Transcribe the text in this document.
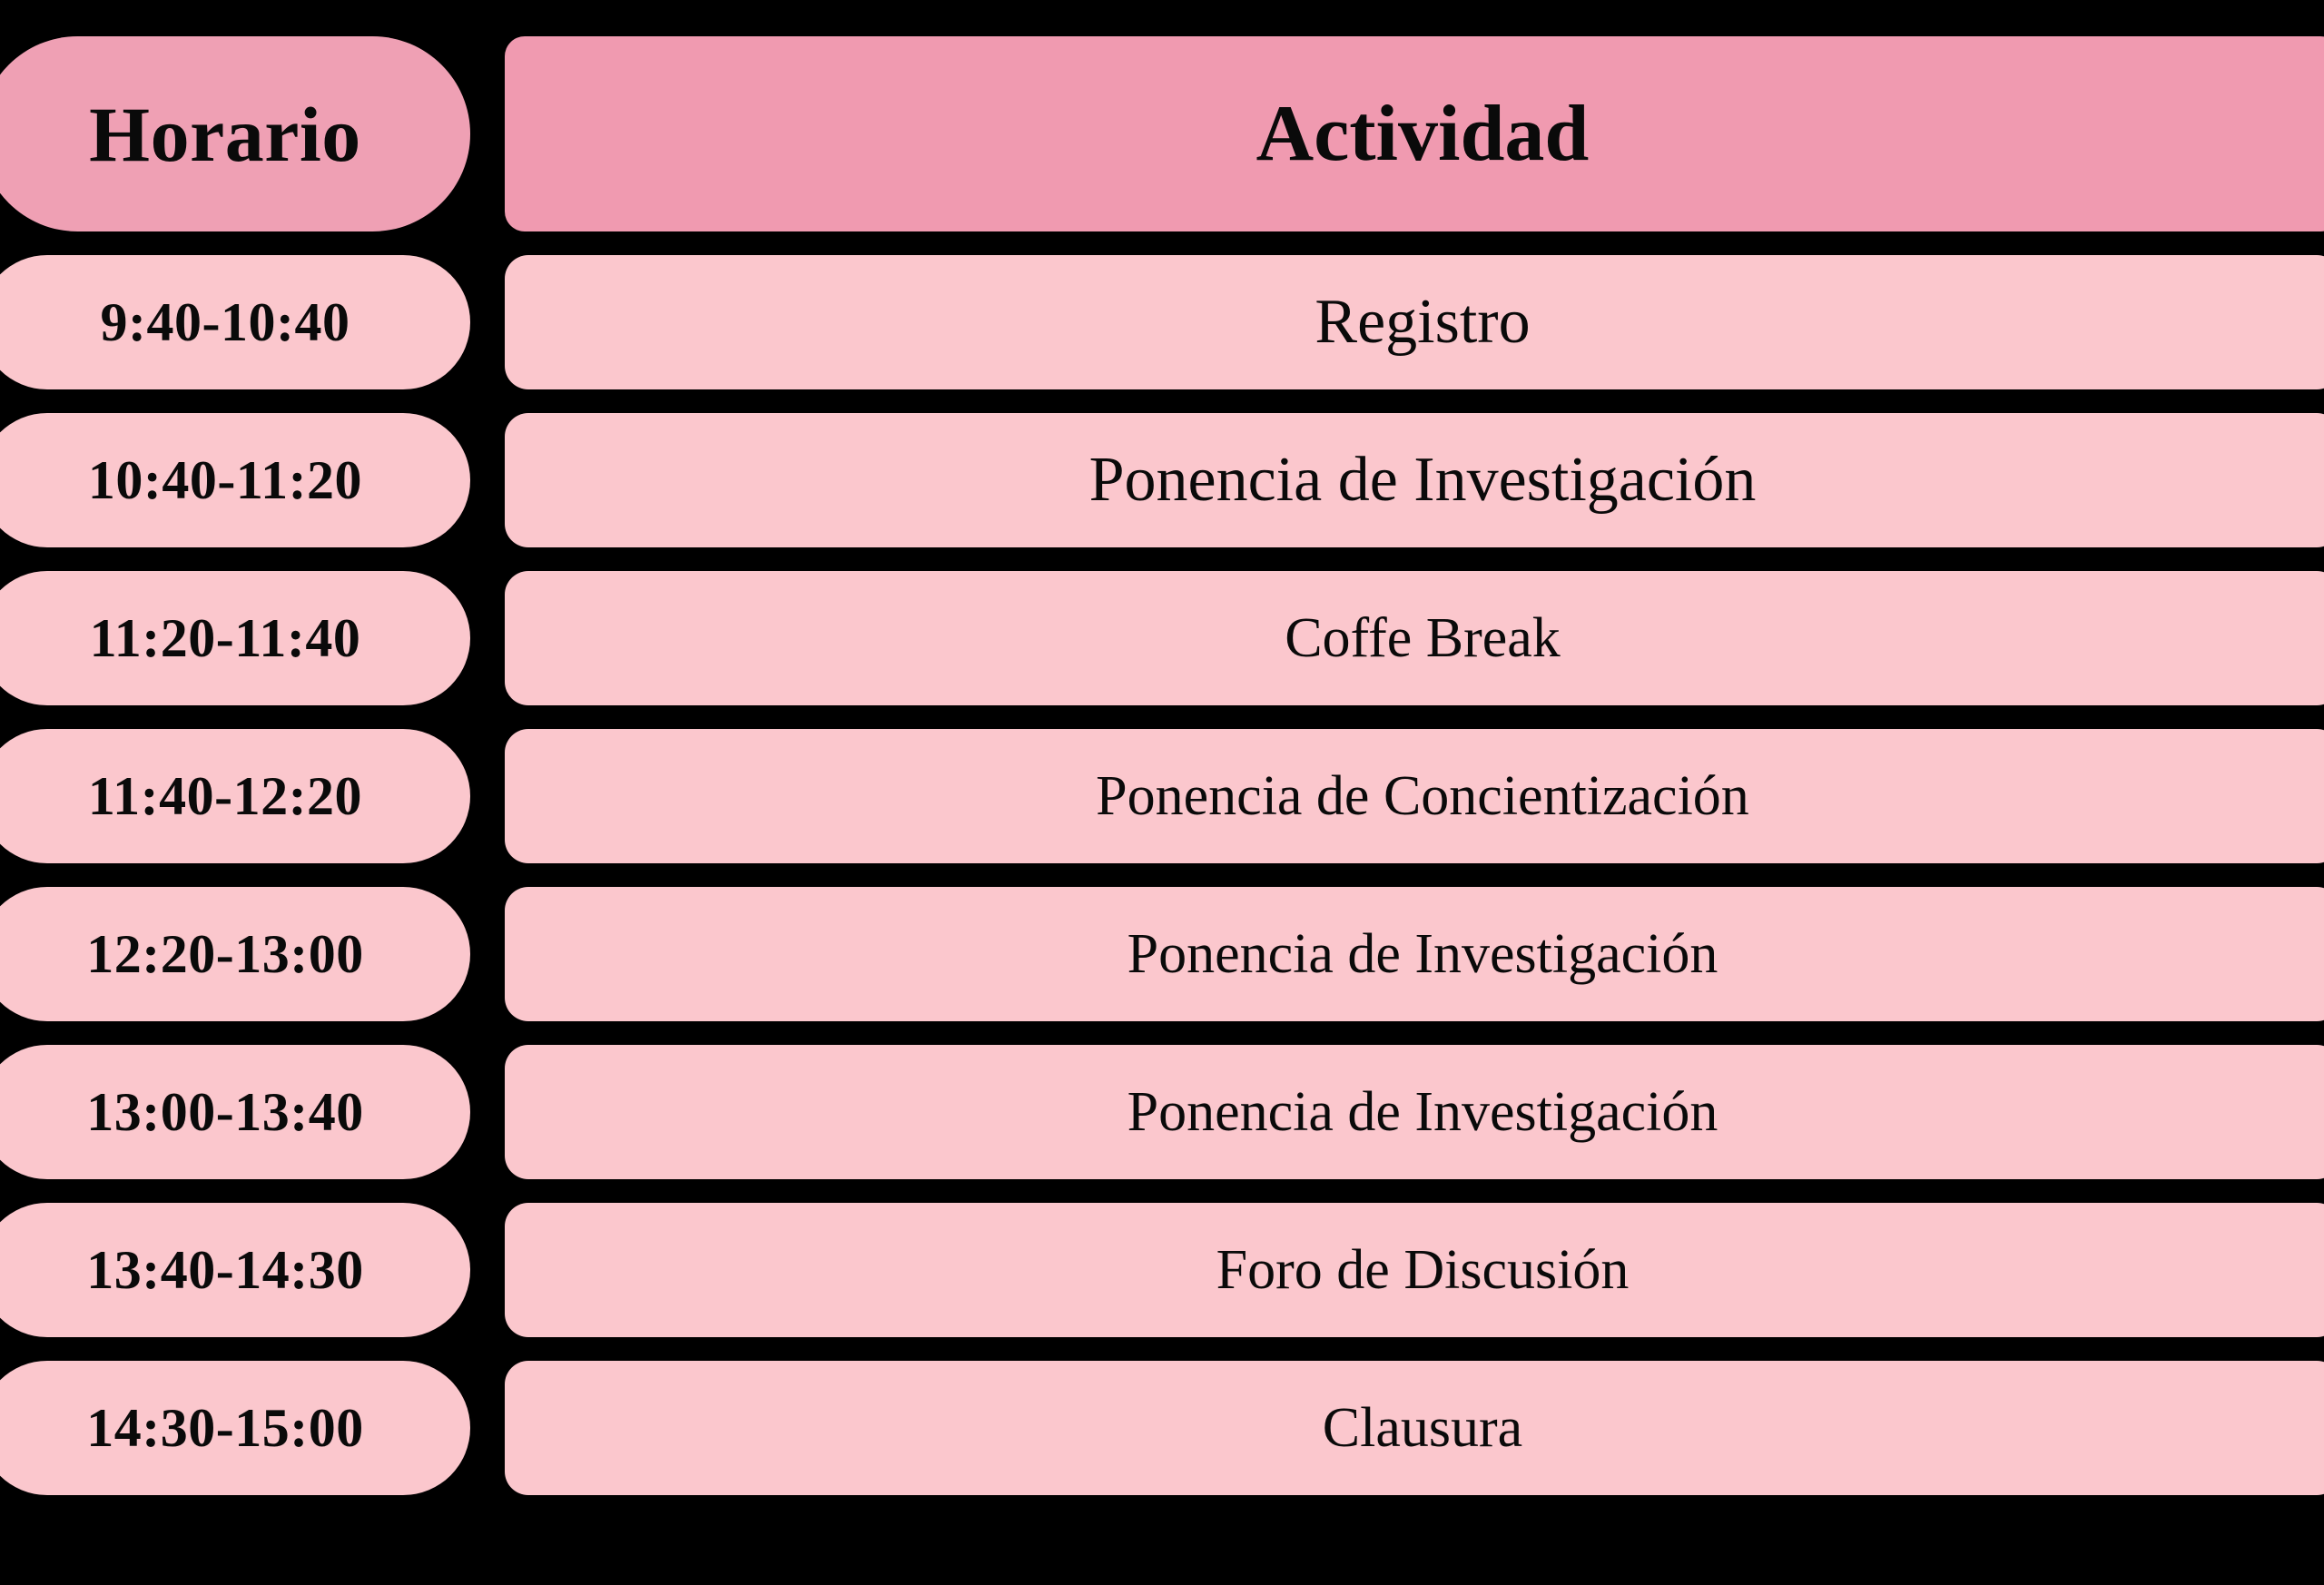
Horario	Actividad
9:40-10:40	Registro
10:40-11:20	Ponencia de Investigación
11:20-11:40	Coffe Break
11:40-12:20	Ponencia de Concientización
12:20-13:00	Ponencia de Investigación
13:00-13:40	Ponencia de Investigación
13:40-14:30	Foro de Discusión
14:30-15:00	Clausura
